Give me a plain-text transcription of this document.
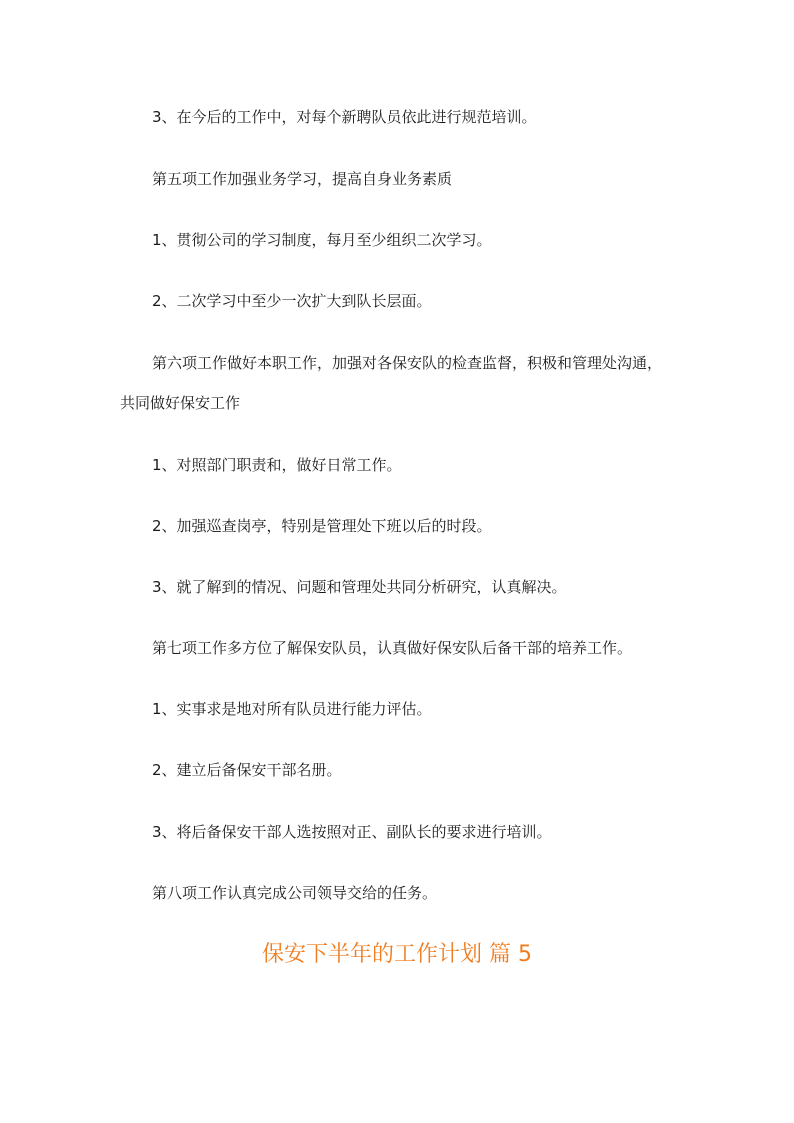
3、在今后的工作中，对每个新聘队员依此进行规范培训。
第五项工作加强业务学习，提高自身业务素质
1、贯彻公司的学习制度，每月至少组织二次学习。
2、二次学习中至少一次扩大到队长层面。
第六项工作做好本职工作，加强对各保安队的检查监督，积极和管理处沟通，
共同做好保安工作
1、对照部门职责和，做好日常工作。
2、加强巡查岗亭，特别是管理处下班以后的时段。
3、就了解到的情况、问题和管理处共同分析研究，认真解决。
第七项工作多方位了解保安队员，认真做好保安队后备干部的培养工作。
1、实事求是地对所有队员进行能力评估。
2、建立后备保安干部名册。
3、将后备保安干部人选按照对正、副队长的要求进行培训。
第八项工作认真完成公司领导交给的任务。
保安下半年的工作计划 篇 5
